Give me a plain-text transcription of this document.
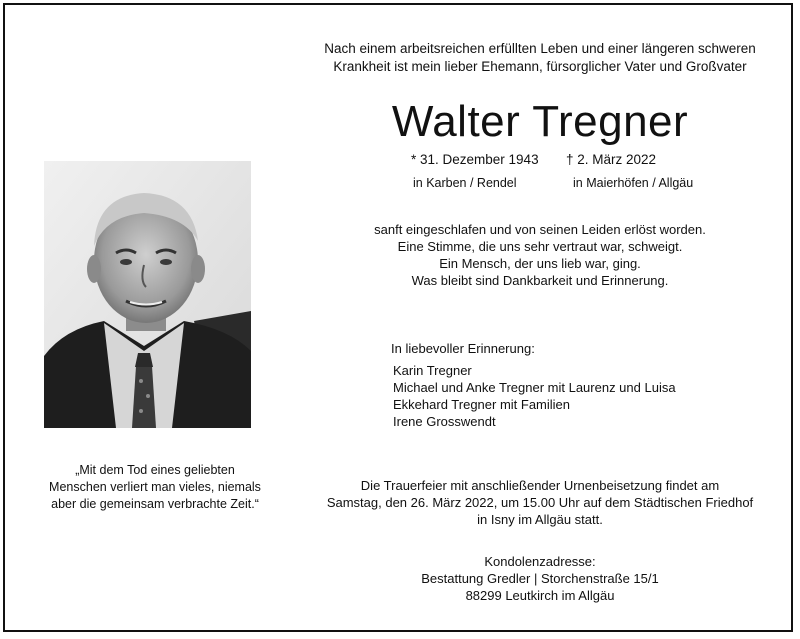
Nach einem arbeitsreichen erfüllten Leben und einer längeren schweren
Krankheit ist mein lieber Ehemann, fürsorglicher Vater und Großvater
Walter Tregner
* 31. Dezember 1943 † 2. März 2022
in Karben / Rendel	in Maierhöfen / Allgäu
sanft eingeschlafen und von seinen Leiden erlöst worden.
Eine Stimme, die uns sehr vertraut war, schweigt.
Ein Mensch, der uns lieb war, ging.
Was bleibt sind Dankbarkeit und Erinnerung.
In liebevoller Erinnerung:
Karin Tregner
Michael und Anke Tregner mit Laurenz und Luisa
Ekkehard Tregner mit Familien
Irene Grosswendt
„Mit dem Tod eines geliebten
Menschen verliert man vieles, niemals
aber die gemeinsam verbrachte Zeit.“
Die Trauerfeier mit anschließender Urnenbeisetzung findet am
Samstag, den 26. März 2022, um 15.00 Uhr auf dem Städtischen Friedhof
in Isny im Allgäu statt.
Kondolenzadresse:
Bestattung Gredler | Storchenstraße 15/1
88299 Leutkirch im Allgäu
